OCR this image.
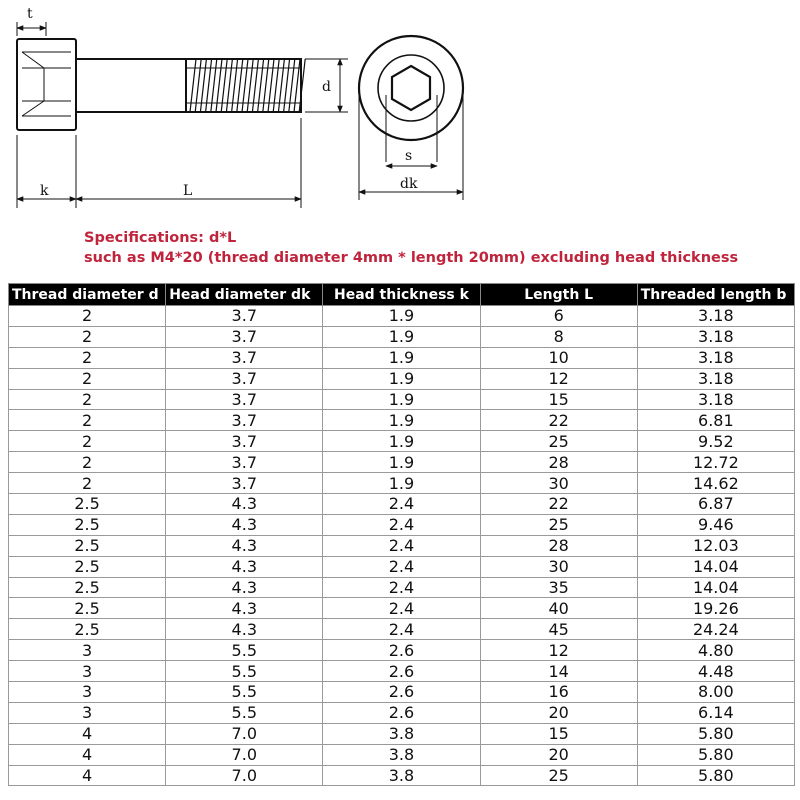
t
d
k	L
s
dk
Specifications: d*L
such as M4*20 (thread diameter 4mm * length 20mm) excluding head thickness
Thread diameter d	Head diameter dk	Head thickness k	Length L	Threaded length b
2	3.7	1.9	6	3.18
2	3.7	1.9	8	3.18
2	3.7	1.9	10	3.18
2	3.7	1.9	12	3.18
2	3.7	1.9	15	3.18
2	3.7	1.9	22	6.81
2	3.7	1.9	25	9.52
2	3.7	1.9	28	12.72
2	3.7	1.9	30	14.62
2.5	4.3	2.4	22	6.87
2.5	4.3	2.4	25	9.46
2.5	4.3	2.4	28	12.03
2.5	4.3	2.4	30	14.04
2.5	4.3	2.4	35	14.04
2.5	4.3	2.4	40	19.26
2.5	4.3	2.4	45	24.24
3	5.5	2.6	12	4.80
3	5.5	2.6	14	4.48
3	5.5	2.6	16	8.00
3	5.5	2.6	20	6.14
4	7.0	3.8	15	5.80
4	7.0	3.8	20	5.80
4	7.0	3.8	25	5.80
